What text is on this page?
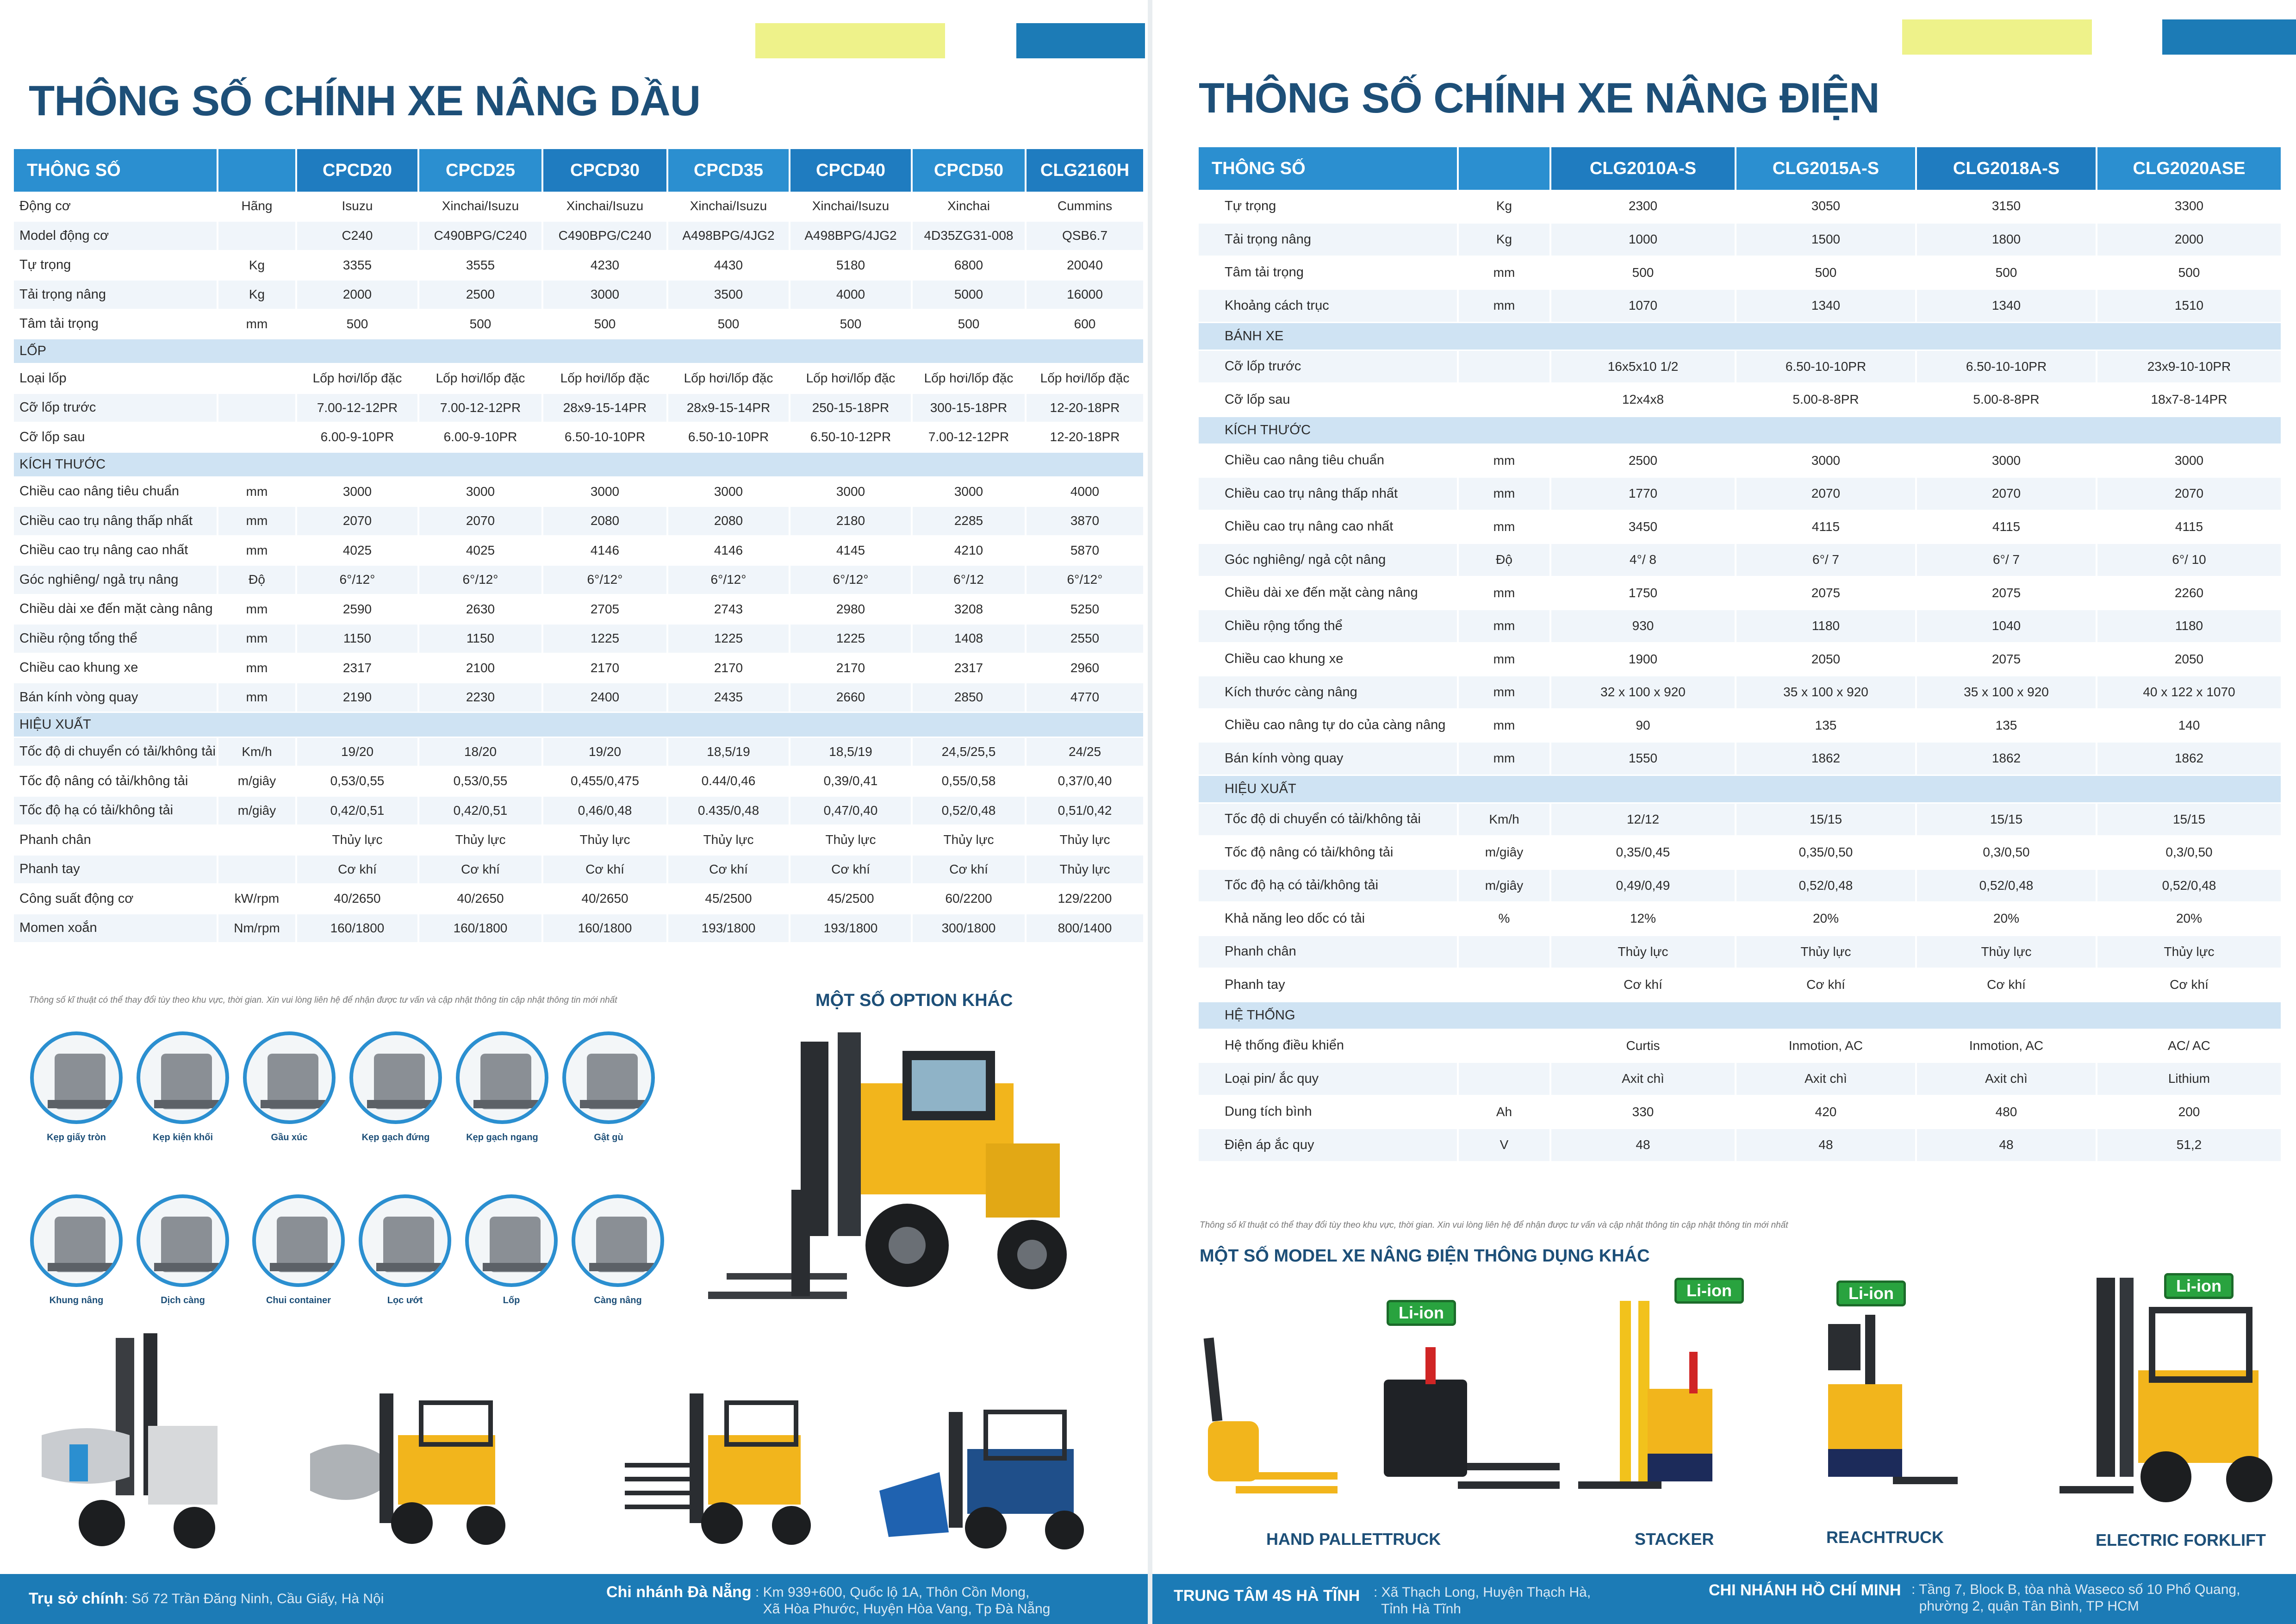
THÔNG SỐ CHÍNH XE NÂNG DẦU
THÔNG SỐ		CPCD20	CPCD25	CPCD30	CPCD35	CPCD40	CPCD50	CLG2160H
Động cơ	Hãng	Isuzu	Xinchai/Isuzu	Xinchai/Isuzu	Xinchai/Isuzu	Xinchai/Isuzu	Xinchai	Cummins
Model động cơ		C240	C490BPG/C240	C490BPG/C240	A498BPG/4JG2	A498BPG/4JG2	4D35ZG31-008	QSB6.7
Tự trọng	Kg	3355	3555	4230	4430	5180	6800	20040
Tải trọng nâng	Kg	2000	2500	3000	3500	4000	5000	16000
Tâm tải trọng	mm	500	500	500	500	500	500	600
LỐP								
Loại lốp		Lốp hơi/lốp đặc	Lốp hơi/lốp đặc	Lốp hơi/lốp đặc	Lốp hơi/lốp đặc	Lốp hơi/lốp đặc	Lốp hơi/lốp đặc	Lốp hơi/lốp đặc
Cỡ lốp trước		7.00-12-12PR	7.00-12-12PR	28x9-15-14PR	28x9-15-14PR	250-15-18PR	300-15-18PR	12-20-18PR
Cỡ lốp sau		6.00-9-10PR	6.00-9-10PR	6.50-10-10PR	6.50-10-10PR	6.50-10-12PR	7.00-12-12PR	12-20-18PR
KÍCH THƯỚC								
Chiều cao nâng tiêu chuẩn	mm	3000	3000	3000	3000	3000	3000	4000
Chiều cao trụ nâng thấp nhất	mm	2070	2070	2080	2080	2180	2285	3870
Chiều cao trụ nâng cao nhất	mm	4025	4025	4146	4146	4145	4210	5870
Góc nghiêng/ ngả trụ nâng	Độ	6°/12°	6°/12°	6°/12°	6°/12°	6°/12°	6°/12	6°/12°
Chiều dài xe đến mặt càng nâng	mm	2590	2630	2705	2743	2980	3208	5250
Chiều rộng tổng thể	mm	1150	1150	1225	1225	1225	1408	2550
Chiều cao khung xe	mm	2317	2100	2170	2170	2170	2317	2960
Bán kính vòng quay	mm	2190	2230	2400	2435	2660	2850	4770
HIỆU XUẤT								
Tốc độ di chuyển có tải/không tải	Km/h	19/20	18/20	19/20	18,5/19	18,5/19	24,5/25,5	24/25
Tốc độ nâng có tải/không tải	m/giây	0,53/0,55	0,53/0,55	0,455/0,475	0.44/0,46	0,39/0,41	0,55/0,58	0,37/0,40
Tốc độ hạ có tải/không tải	m/giây	0,42/0,51	0,42/0,51	0,46/0,48	0.435/0,48	0,47/0,40	0,52/0,48	0,51/0,42
Phanh chân		Thủy lực	Thủy lực	Thủy lực	Thủy lực	Thủy lực	Thủy lực	Thủy lực
Phanh tay		Cơ khí	Cơ khí	Cơ khí	Cơ khí	Cơ khí	Cơ khí	Thủy lực
Công suất động cơ	kW/rpm	40/2650	40/2650	40/2650	45/2500	45/2500	60/2200	129/2200
Momen xoắn	Nm/rpm	160/1800	160/1800	160/1800	193/1800	193/1800	300/1800	800/1400
Thông số kĩ thuật có thể thay đổi tùy theo khu vực, thời gian. Xin vui lòng liên hệ để nhận được tư vấn và cập nhật thông tin cập nhật thông tin mới nhất	MỘT SỐ OPTION KHÁC
Kẹp giấy tròn	Kẹp kiện khối	Gầu xúc	Kẹp gạch đứng	Kẹp gạch ngang	Gật gù
Khung nâng	Dịch càng	Chui container	Lọc ướt	Lốp	Càng nâng
Trụ sở chính : Số 72 Trần Đăng Ninh, Cầu Giấy, Hà Nội	Chi nhánh Đà Nẵng : Km 939+600, Quốc lộ 1A, Thôn Cồn Mong,
Xã Hòa Phước, Huyện Hòa Vang, Tp Đà Nẵng
THÔNG SỐ CHÍNH XE NÂNG ĐIỆN
THÔNG SỐ		CLG2010A-S	CLG2015A-S	CLG2018A-S	CLG2020ASE
Tự trọng	Kg	2300	3050	3150	3300
Tải trọng nâng	Kg	1000	1500	1800	2000
Tâm tải trọng	mm	500	500	500	500
Khoảng cách trục	mm	1070	1340	1340	1510
BÁNH XE					
Cỡ lốp trước		16x5x10 1/2	6.50-10-10PR	6.50-10-10PR	23x9-10-10PR
Cỡ lốp sau		12x4x8	5.00-8-8PR	5.00-8-8PR	18x7-8-14PR
KÍCH THƯỚC					
Chiều cao nâng tiêu chuẩn	mm	2500	3000	3000	3000
Chiều cao trụ nâng thấp nhất	mm	1770	2070	2070	2070
Chiều cao trụ nâng cao nhất	mm	3450	4115	4115	4115
Góc nghiêng/ ngả cột nâng	Độ	4°/ 8	6°/ 7	6°/ 7	6°/ 10
Chiều dài xe đến mặt càng nâng	mm	1750	2075	2075	2260
Chiều rộng tổng thể	mm	930	1180	1040	1180
Chiều cao khung xe	mm	1900	2050	2075	2050
Kích thước càng nâng	mm	32 x 100 x 920	35 x 100 x 920	35 x 100 x 920	40 x 122 x 1070
Chiều cao nâng tự do của càng nâng	mm	90	135	135	140
Bán kính vòng quay	mm	1550	1862	1862	1862
HIỆU XUẤT					
Tốc độ di chuyển có tải/không tải	Km/h	12/12	15/15	15/15	15/15
Tốc độ nâng có tải/không tải	m/giây	0,35/0,45	0,35/0,50	0,3/0,50	0,3/0,50
Tốc độ hạ có tải/không tải	m/giây	0,49/0,49	0,52/0,48	0,52/0,48	0,52/0,48
Khả năng leo dốc có tải	%	12%	20%	20%	20%
Phanh chân		Thủy lực	Thủy lực	Thủy lực	Thủy lực
Phanh tay		Cơ khí	Cơ khí	Cơ khí	Cơ khí
HỆ THỐNG					
Hệ thống điều khiển		Curtis	Inmotion, AC	Inmotion, AC	AC/ AC
Loại pin/ ắc quy		Axit chì	Axit chì	Axit chì	Lithium
Dung tích bình	Ah	330	420	480	200
Điện áp ắc quy	V	48	48	48	51,2
Thông số kĩ thuật có thể thay đổi tùy theo khu vực, thời gian. Xin vui lòng liên hệ để nhận được tư vấn và cập nhật thông tin cập nhật thông tin mới nhất
MỘT SỐ MODEL XE NÂNG ĐIỆN THÔNG DỤNG KHÁC
Li-ion
Li-ion	Li-ion	Li-ion
HAND PALLETTRUCK	STACKER	REACHTRUCK	ELECTRIC FORKLIFT
TRUNG TÂM 4S HÀ TĨNH : Xã Thạch Long, Huyện Thạch Hà,
Tỉnh Hà Tĩnh
CHI NHÁNH HỒ CHÍ MINH : Tầng 7, Block B, tòa nhà Waseco số 10 Phổ Quang,
phường 2, quận Tân Bình, TP HCM
